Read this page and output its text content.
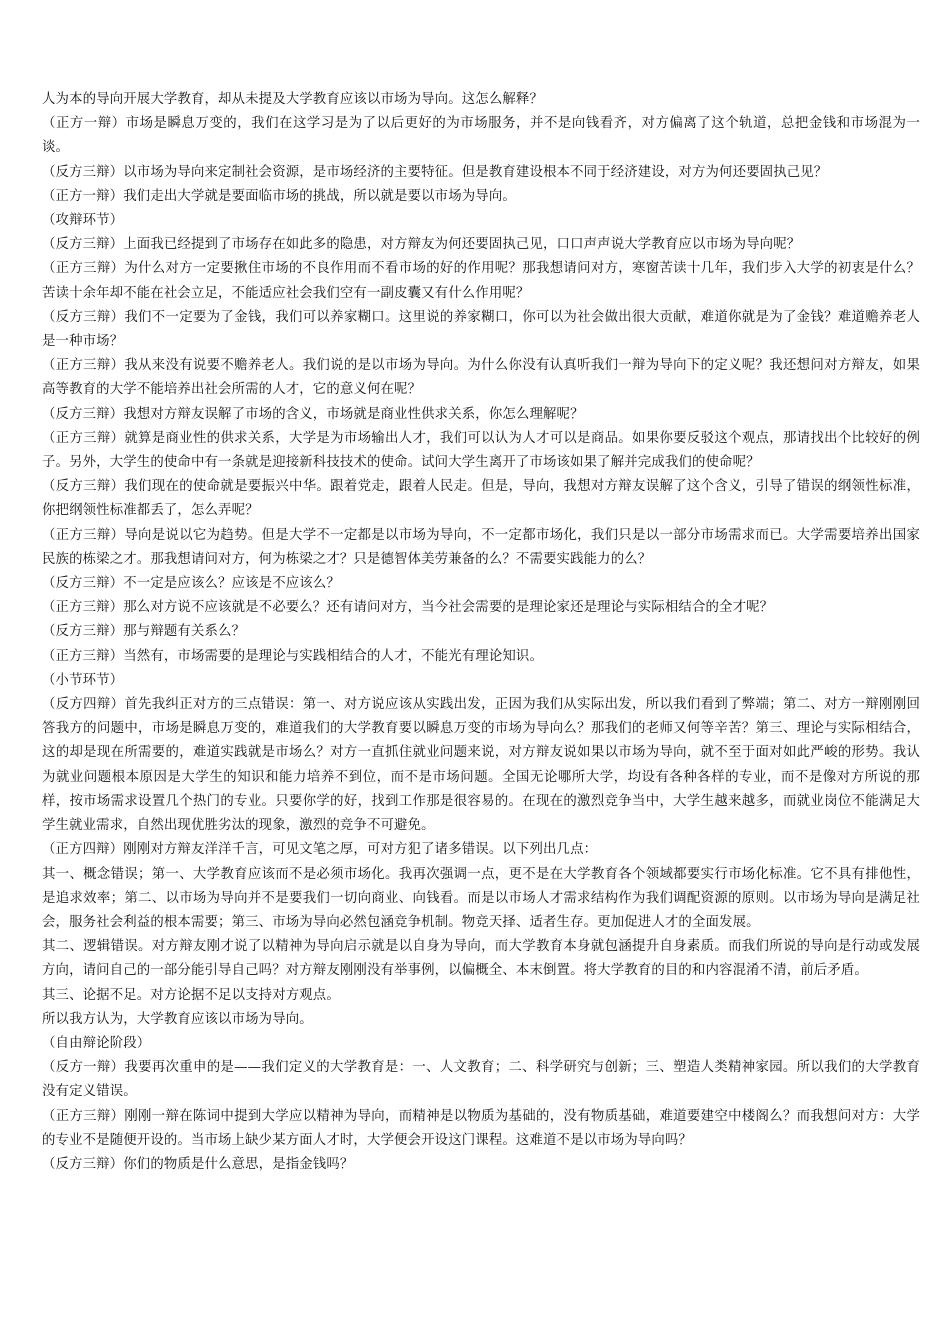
人为本的导向开展大学教育，却从未提及大学教育应该以市场为导向。这怎么解释？

（正方一辩）市场是瞬息万变的，我们在这学习是为了以后更好的为市场服务，并不是向钱看齐，对方偏离了这个轨道，总把金钱和市场混为一谈。

（反方三辩）以市场为导向来定制社会资源，是市场经济的主要特征。但是教育建设根本不同于经济建设，对方为何还要固执己见？

（正方一辩）我们走出大学就是要面临市场的挑战，所以就是要以市场为导向。

（攻辩环节）

（反方三辩）上面我已经提到了市场存在如此多的隐患，对方辩友为何还要固执己见，口口声声说大学教育应以市场为导向呢？

（正方三辩）为什么对方一定要揪住市场的不良作用而不看市场的好的作用呢？那我想请问对方，寒窗苦读十几年，我们步入大学的初衷是什么？苦读十余年却不能在社会立足，不能适应社会我们空有一副皮囊又有什么作用呢？

（反方三辩）我们不一定要为了金钱，我们可以养家糊口。这里说的养家糊口，你可以为社会做出很大贡献，难道你就是为了金钱？难道赡养老人是一种市场？

（正方三辩）我从来没有说要不赡养老人。我们说的是以市场为导向。为什么你没有认真听我们一辩为导向下的定义呢？我还想问对方辩友，如果高等教育的大学不能培养出社会所需的人才，它的意义何在呢？

（反方三辩）我想对方辩友误解了市场的含义，市场就是商业性供求关系，你怎么理解呢？

（正方三辩）就算是商业性的供求关系，大学是为市场输出人才，我们可以认为人才可以是商品。如果你要反驳这个观点，那请找出个比较好的例子。另外，大学生的使命中有一条就是迎接新科技技术的使命。试问大学生离开了市场该如果了解并完成我们的使命呢？

（反方三辩）我们现在的使命就是要振兴中华。跟着党走，跟着人民走。但是，导向，我想对方辩友误解了这个含义，引导了错误的纲领性标准，你把纲领性标准都丢了，怎么弄呢？

（正方三辩）导向是说以它为趋势。但是大学不一定都是以市场为导向，不一定都市场化，我们只是以一部分市场需求而已。大学需要培养出国家民族的栋梁之才。那我想请问对方，何为栋梁之才？只是德智体美劳兼备的么？不需要实践能力的么？

（反方三辩）不一定是应该么？应该是不应该么？

（正方三辩）那么对方说不应该就是不必要么？还有请问对方，当今社会需要的是理论家还是理论与实际相结合的全才呢？

（反方三辩）那与辩题有关系么？

（正方三辩）当然有，市场需要的是理论与实践相结合的人才，不能光有理论知识。

（小节环节）

（反方四辩）首先我纠正对方的三点错误：第一、对方说应该从实践出发，正因为我们从实际出发，所以我们看到了弊端；第二、对方一辩刚刚回答我方的问题中，市场是瞬息万变的，难道我们的大学教育要以瞬息万变的市场为导向么？那我们的老师又何等辛苦？第三、理论与实际相结合，这的却是现在所需要的，难道实践就是市场么？对方一直抓住就业问题来说，对方辩友说如果以市场为导向，就不至于面对如此严峻的形势。我认为就业问题根本原因是大学生的知识和能力培养不到位，而不是市场问题。全国无论哪所大学，均设有各种各样的专业，而不是像对方所说的那样，按市场需求设置几个热门的专业。只要你学的好，找到工作那是很容易的。在现在的激烈竞争当中，大学生越来越多，而就业岗位不能满足大学生就业需求，自然出现优胜劣汰的现象，激烈的竞争不可避免。

（正方四辩）刚刚对方辩友洋洋千言，可见文笔之厚，可对方犯了诸多错误。以下列出几点：

其一、概念错误；第一、大学教育应该而不是必须市场化。我再次强调一点，更不是在大学教育各个领域都要实行市场化标准。它不具有排他性，是追求效率；第二、以市场为导向并不是要我们一切向商业、向钱看。而是以市场人才需求结构作为我们调配资源的原则。以市场为导向是满足社会，服务社会利益的根本需要；第三、市场为导向必然包涵竞争机制。物竞天择、适者生存。更加促进人才的全面发展。

其二、逻辑错误。对方辩友刚才说了以精神为导向启示就是以自身为导向，而大学教育本身就包涵提升自身素质。而我们所说的导向是行动或发展方向，请问自己的一部分能引导自己吗？对方辩友刚刚没有举事例，以偏概全、本末倒置。将大学教育的目的和内容混淆不清，前后矛盾。

其三、论据不足。对方论据不足以支持对方观点。

所以我方认为，大学教育应该以市场为导向。

（自由辩论阶段）

（反方一辩）我要再次重申的是——我们定义的大学教育是：一、人文教育；二、科学研究与创新；三、塑造人类精神家园。所以我们的大学教育没有定义错误。

（正方三辩）刚刚一辩在陈词中提到大学应以精神为导向，而精神是以物质为基础的，没有物质基础，难道要建空中楼阁么？而我想问对方：大学的专业不是随便开设的。当市场上缺少某方面人才时，大学便会开设这门课程。这难道不是以市场为导向吗？

（反方三辩）你们的物质是什么意思，是指金钱吗？
